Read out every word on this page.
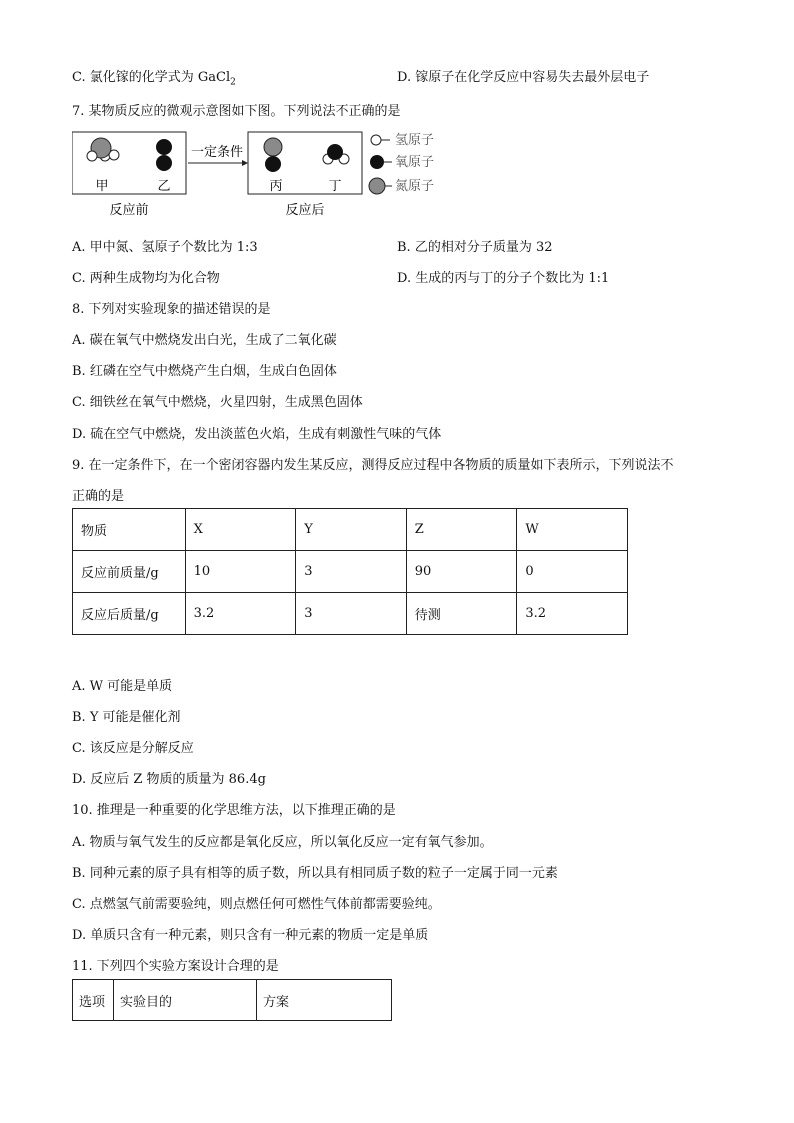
C. 氯化镓的化学式为 GaCl$_2$	D. 镓原子在化学反应中容易失去最外层电子
7. 某物质反应的微观示意图如下图。下列说法不正确的是
甲	乙
一定条件
丙	丁
反应前	反应后
氢原子
氧原子
氮原子
A. 甲中氮、氢原子个数比为 1:3	B. 乙的相对分子质量为 32
C. 两种生成物均为化合物	D. 生成的丙与丁的分子个数比为 1:1
8. 下列对实验现象的描述错误的是
A. 碳在氧气中燃烧发出白光，生成了二氧化碳
B. 红磷在空气中燃烧产生白烟，生成白色固体
C. 细铁丝在氧气中燃烧，火星四射，生成黑色固体
D. 硫在空气中燃烧，发出淡蓝色火焰，生成有刺激性气味的气体
9. 在一定条件下，在一个密闭容器内发生某反应，测得反应过程中各物质的质量如下表所示，下列说法不
正确的是
物质	X	Y	Z	W
反应前质量/g	10	3	90	0
反应后质量/g	3.2	3	待测	3.2
A. W 可能是单质
B. Y 可能是催化剂
C. 该反应是分解反应
D. 反应后 Z 物质的质量为 86.4g
10. 推理是一种重要的化学思维方法，以下推理正确的是
A. 物质与氧气发生的反应都是氧化反应，所以氧化反应一定有氧气参加。
B. 同种元素的原子具有相等的质子数，所以具有相同质子数的粒子一定属于同一元素
C. 点燃氢气前需要验纯，则点燃任何可燃性气体前都需要验纯。
D. 单质只含有一种元素，则只含有一种元素的物质一定是单质
11. 下列四个实验方案设计合理的是
选项	实验目的	方案
